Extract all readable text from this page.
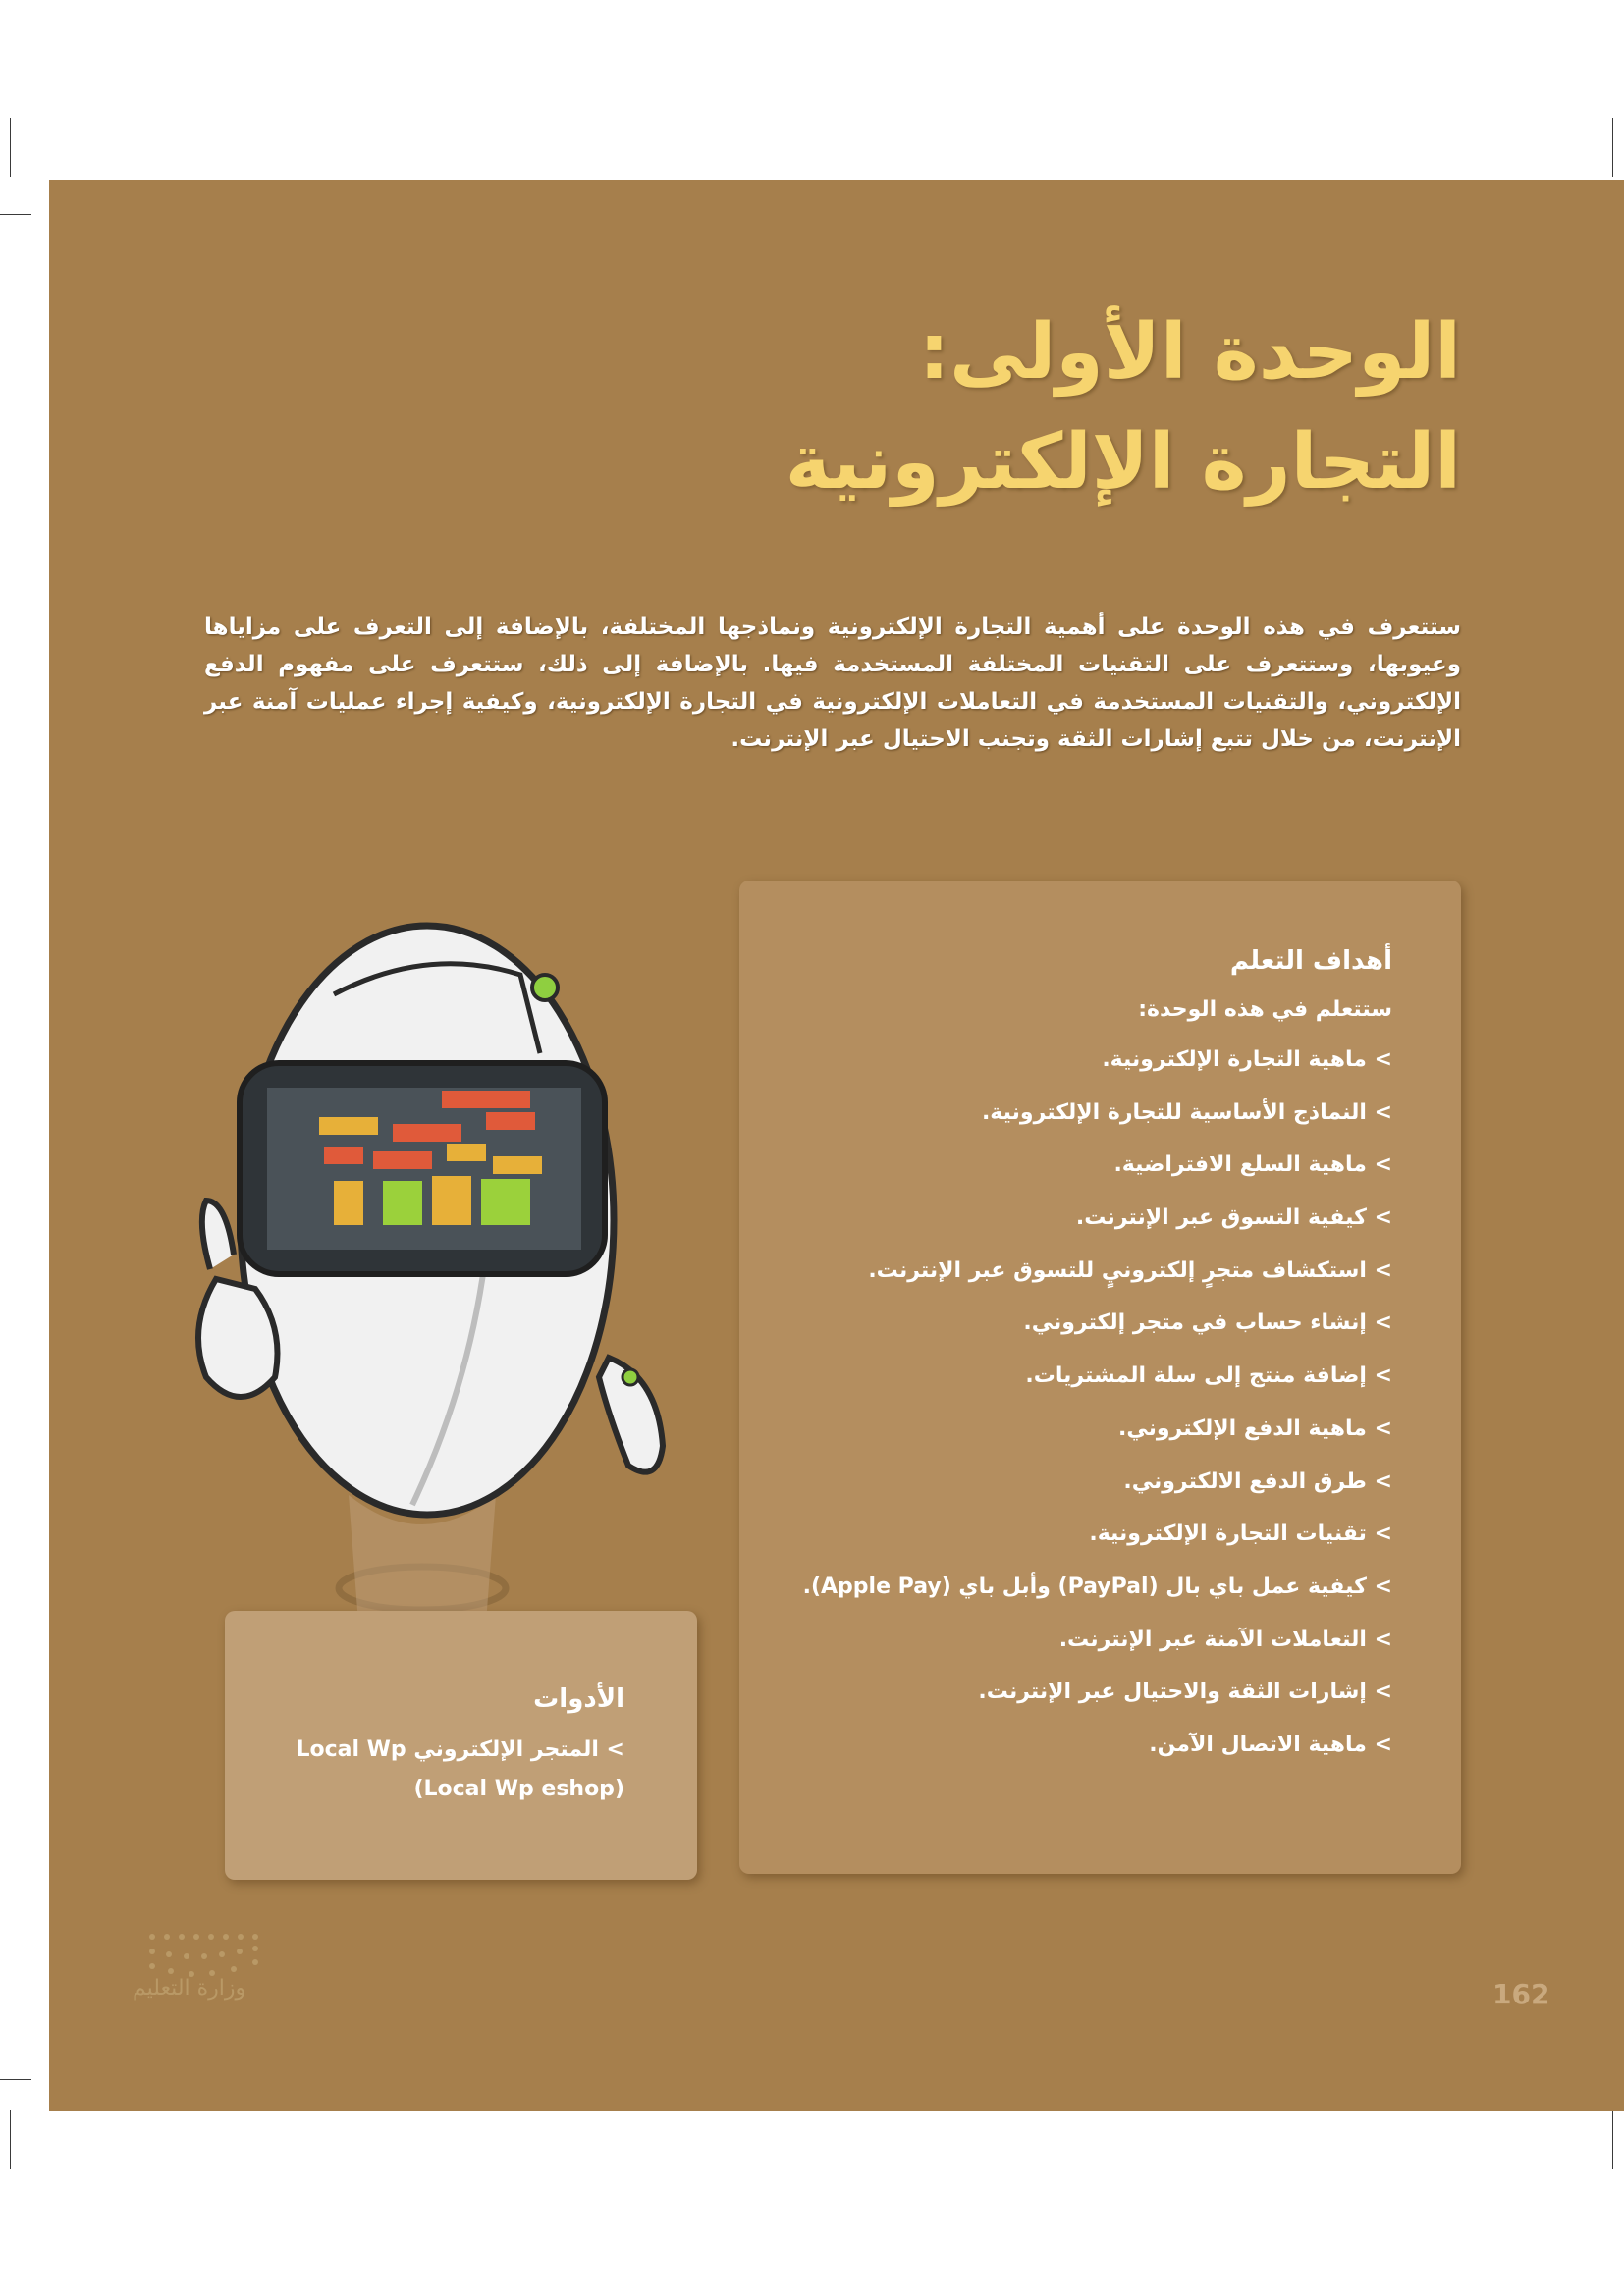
الوحدة الأولى:
التجارة الإلكترونية

ستتعرف في هذه الوحدة على أهمية التجارة الإلكترونية ونماذجها المختلفة، بالإضافة إلى التعرف على مزاياها وعيوبها، وستتعرف على التقنيات المختلفة المستخدمة فيها. بالإضافة إلى ذلك، ستتعرف على مفهوم الدفع الإلكتروني، والتقنيات المستخدمة في التعاملات الإلكترونية في التجارة الإلكترونية، وكيفية إجراء عمليات آمنة عبر الإنترنت، من خلال تتبع إشارات الثقة وتجنب الاحتيال عبر الإنترنت.

أهداف التعلم

ستتعلم في هذه الوحدة:

> ماهية التجارة الإلكترونية.
> النماذج الأساسية للتجارة الإلكترونية.
> ماهية السلع الافتراضية.
> كيفية التسوق عبر الإنترنت.
> استكشاف متجرٍ إلكترونيٍ للتسوق عبر الإنترنت.
> إنشاء حساب في متجر إلكتروني.
> إضافة منتج إلى سلة المشتريات.
> ماهية الدفع الإلكتروني.
> طرق الدفع الالكتروني.
> تقنيات التجارة الإلكترونية.
> كيفية عمل باي بال (PayPal) وأبل باي (Apple Pay).
> التعاملات الآمنة عبر الإنترنت.
> إشارات الثقة والاحتيال عبر الإنترنت.
> ماهية الاتصال الآمن.

الأدوات

> المتجر الإلكتروني Local Wp
(Local Wp eshop)
وزارة التعليم	162
